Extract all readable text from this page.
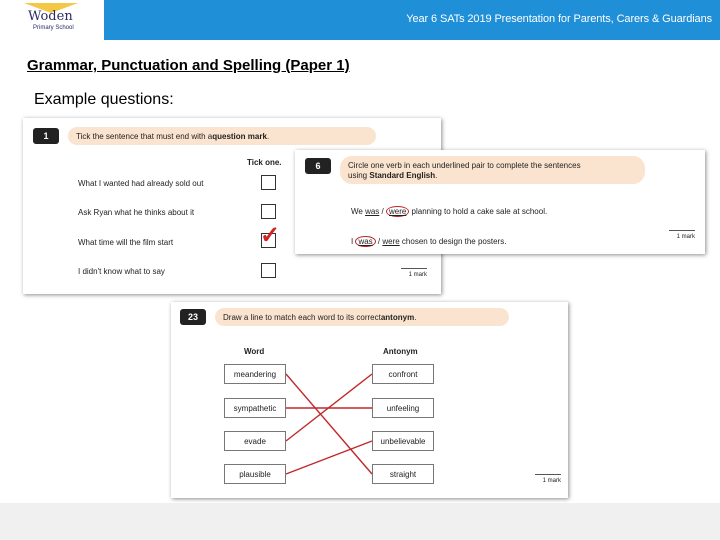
Woden
Primary School
Year 6 SATs 2019 Presentation for Parents, Carers & Guardians
Grammar, Punctuation and Spelling (Paper 1)
Example questions:
1	Tick the sentence that must end with a question mark .
Tick one.
What I wanted had already sold out
Ask Ryan what he thinks about it
What time will the film start	✓
I didn't know what to say	1 mark
6	Circle one verb in each underlined pair to complete the sentences
using Standard English.
We was / were planning to hold a cake sale at school.
I was / were chosen to design the posters.	1 mark
23	Draw a line to match each word to its correct antonym .
Word	Antonym
meandering
sympathetic
evade
plausible
confront
unfeeling
unbelievable
straight
1 mark
